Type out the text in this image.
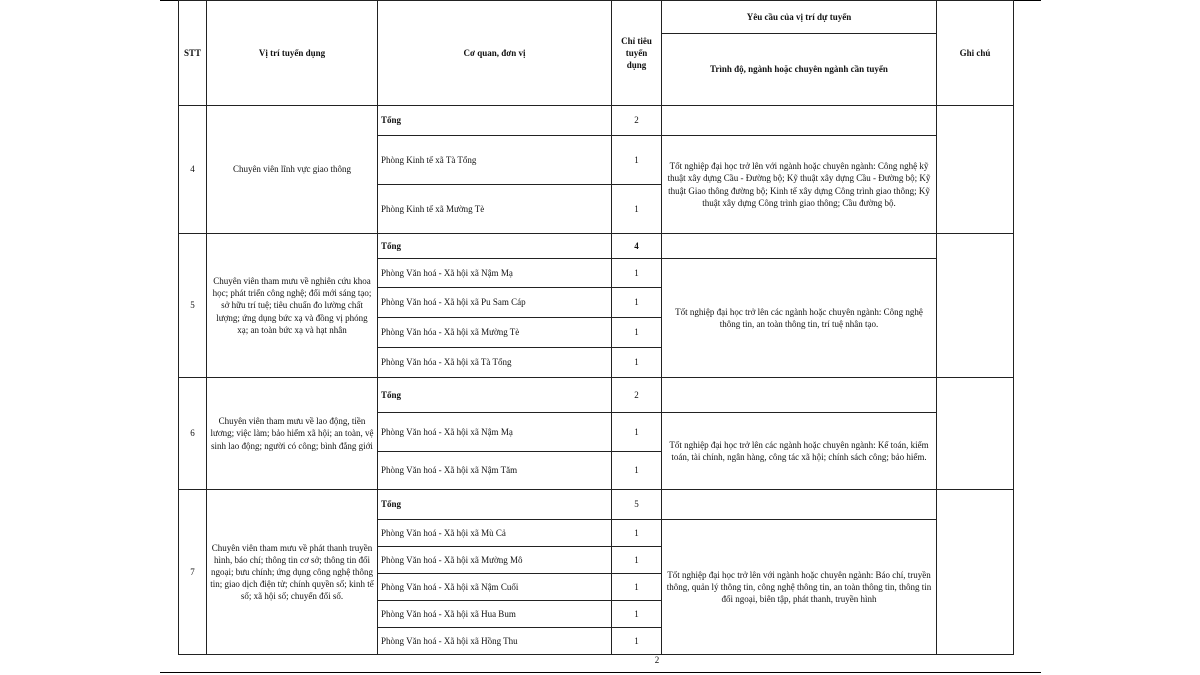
STT	Vị trí tuyển dụng	Cơ quan, đơn vị	Chỉ tiêu tuyển dụng	Yêu cầu của vị trí dự tuyển	Ghi chú
				Trình độ, ngành hoặc chuyên ngành cần tuyển	
4	Chuyên viên lĩnh vực giao thông	Tổng	2		
		Phòng Kinh tế xã Tà Tổng	1	Tốt nghiệp đại học trở lên với ngành hoặc chuyên ngành: Công nghệ kỹ thuật xây dựng Cầu - Đường bộ; Kỹ thuật xây dựng Cầu - Đường bộ; Kỹ thuật Giao thông đường bộ; Kinh tế xây dựng Công trình giao thông; Kỹ thuật xây dựng Công trình giao thông; Cầu đường bộ.	
		Phòng Kinh tế xã Mường Tè	1		
5	Chuyên viên tham mưu về nghiên cứu khoa học; phát triển công nghệ; đổi mới sáng tạo; sở hữu trí tuệ; tiêu chuẩn đo lường chất lượng; ứng dụng bức xạ và đồng vị phóng xạ; an toàn bức xạ và hạt nhân	Tổng	4		
		Phòng Văn hoá - Xã hội xã Nậm Mạ	1	Tốt nghiệp đại học trở lên các ngành hoặc chuyên ngành: Công nghệ thông tin, an toàn thông tin, trí tuệ nhân tạo.	
		Phòng Văn hoá - Xã hội xã Pu Sam Cáp	1		
		Phòng Văn hóa - Xã hội xã Mường Tè	1		
		Phòng Văn hóa - Xã hội xã Tà Tổng	1		
6	Chuyên viên tham mưu về lao động, tiền lương; việc làm; bảo hiểm xã hội; an toàn, vệ sinh lao động; người có công; bình đẳng giới	Tổng	2		
		Phòng Văn hoá - Xã hội xã Nậm Mạ	1	Tốt nghiệp đại học trở lên các ngành hoặc chuyên ngành: Kế toán, kiểm toán, tài chính, ngân hàng, công tác xã hội; chính sách công; bảo hiểm.	
		Phòng Văn hoá - Xã hội xã Nậm Tăm	1		
7	Chuyên viên tham mưu về phát thanh truyền hình, báo chí; thông tin cơ sở; thông tin đối ngoại; bưu chính; ứng dụng công nghệ thông tin; giao dịch điện tử; chính quyền số; kinh tế số; xã hội số; chuyển đổi số.	Tổng	5		
		Phòng Văn hoá - Xã hội xã Mù Cả	1	Tốt nghiệp đại học trở lên với ngành hoặc chuyên ngành: Báo chí, truyền thông, quản lý thông tin, công nghệ thông tin, an toàn thông tin, thông tin đối ngoại, biên tập, phát thanh, truyền hình	
		Phòng Văn hoá - Xã hội xã Mường Mô	1		
		Phòng Văn hoá - Xã hội xã Nậm Cuổi	1		
		Phòng Văn hoá - Xã hội xã Hua Bum	1		
		Phòng Văn hoá - Xã hội xã Hồng Thu	1		
2
